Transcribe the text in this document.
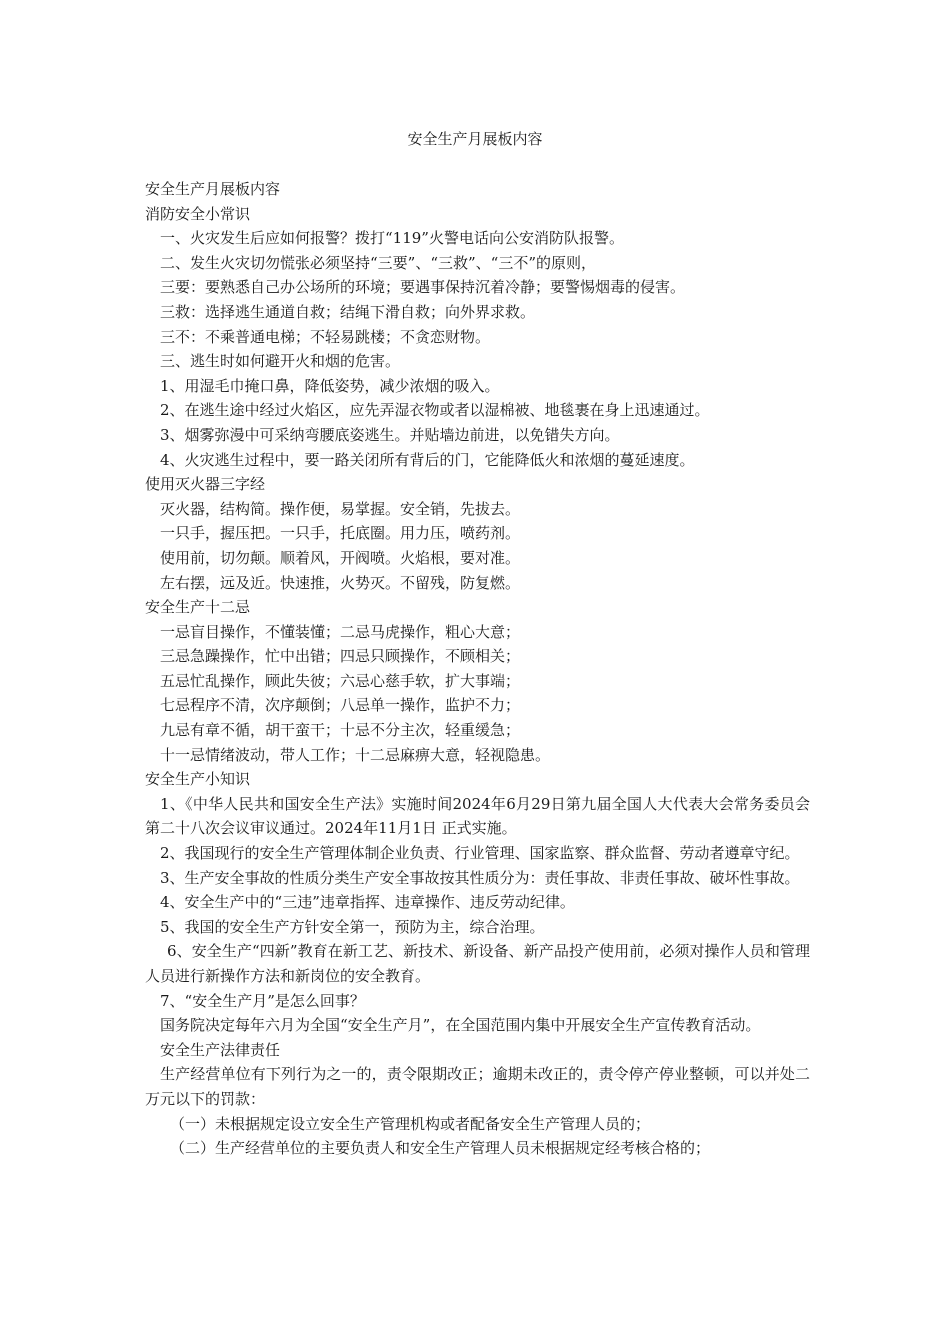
安全生产月展板内容
安全生产月展板内容
消防安全小常识
一、火灾发生后应如何报警？拨打“119”火警电话向公安消防队报警。
二、发生火灾切勿慌张必须坚持“三要”、“三救”、“三不”的原则，
三要：要熟悉自己办公场所的环境；要遇事保持沉着冷静；要警惕烟毒的侵害。
三救：选择逃生通道自救；结绳下滑自救；向外界求救。
三不：不乘普通电梯；不轻易跳楼；不贪恋财物。
三、逃生时如何避开火和烟的危害。
1、用湿毛巾掩口鼻，降低姿势，减少浓烟的吸入。
2、在逃生途中经过火焰区，应先弄湿衣物或者以湿棉被、地毯裹在身上迅速通过。
3、烟雾弥漫中可采纳弯腰底姿逃生。并贴墙边前进，以免错失方向。
4、火灾逃生过程中，要一路关闭所有背后的门，它能降低火和浓烟的蔓延速度。
使用灭火器三字经
灭火器，结构简。操作便，易掌握。安全销，先拔去。
一只手，握压把。一只手，托底圈。用力压，喷药剂。
使用前，切勿颠。顺着风，开阀喷。火焰根，要对准。
左右摆，远及近。快速推，火势灭。不留残，防复燃。
安全生产十二忌
一忌盲目操作，不懂装懂；二忌马虎操作，粗心大意；
三忌急躁操作，忙中出错；四忌只顾操作，不顾相关；
五忌忙乱操作，顾此失彼；六忌心慈手软，扩大事端；
七忌程序不清，次序颠倒；八忌单一操作，监护不力；
九忌有章不循，胡干蛮干；十忌不分主次，轻重缓急；
十一忌情绪波动，带人工作；十二忌麻痹大意，轻视隐患。
安全生产小知识
1、《中华人民共和国安全生产法》实施时间2024年6月29日第九届全国人大代表大会常务委员会第二十八次会议审议通过。2024年11月1日 正式实施。
2、我国现行的安全生产管理体制企业负责、行业管理、国家监察、群众监督、劳动者遵章守纪。
3、生产安全事故的性质分类生产安全事故按其性质分为：责任事故、非责任事故、破坏性事故。
4、安全生产中的“三违”违章指挥、违章操作、违反劳动纪律。
5、我国的安全生产方针安全第一，预防为主，综合治理。
6、安全生产“四新”教育在新工艺、新技术、新设备、新产品投产使用前，必须对操作人员和管理人员进行新操作方法和新岗位的安全教育。
7、“安全生产月”是怎么回事？
国务院决定每年六月为全国“安全生产月”，在全国范围内集中开展安全生产宣传教育活动。
安全生产法律责任
生产经营单位有下列行为之一的，责令限期改正；逾期未改正的，责令停产停业整顿，可以并处二万元以下的罚款：
（一）未根据规定设立安全生产管理机构或者配备安全生产管理人员的；
（二）生产经营单位的主要负责人和安全生产管理人员未根据规定经考核合格的；
